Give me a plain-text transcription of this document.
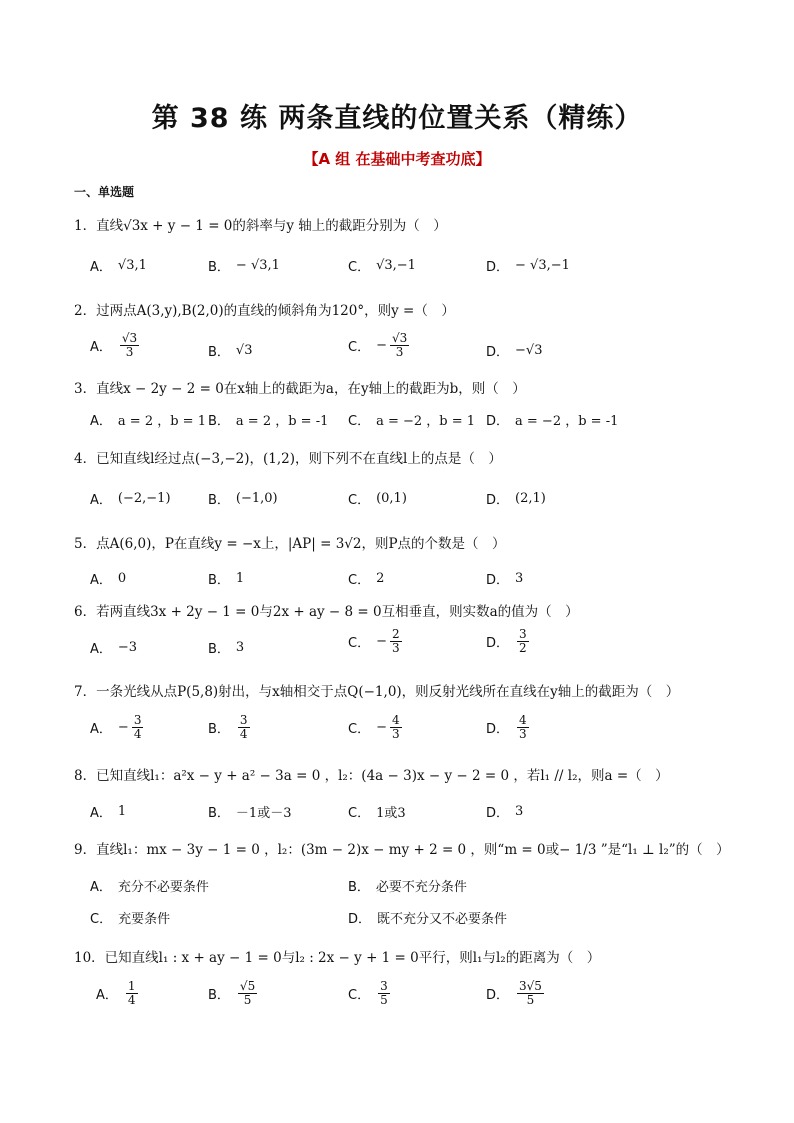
第 38 练 两条直线的位置关系（精练）
【A 组 在基础中考查功底】
一、单选题
1．直线√3x + y − 1 = 0的斜率与y 轴上的截距分别为（　）
A． √3,1	B． − √3,1	C． √3,−1	D． − √3,−1
2．过两点A(3,y),B(2,0)的直线的倾斜角为120°，则y =（　）
A． $\frac{√3}{3}$	B． √3	C． − $\frac{√3}{3}$	D． −√3
3．直线x − 2y − 2 = 0在x轴上的截距为a，在y轴上的截距为b，则（　）
A． a = 2 ，b = 1 B． a = 2 ，b = -1 C． a = −2 ，b = 1 D． a = −2 ，b = -1
4．已知直线l经过点(−3,−2)，(1,2)，则下列不在直线l上的点是（　）
A． (−2,−1)	B． (−1,0)	C． (0,1)	D． (2,1)
5．点A(6,0)，P在直线y = −x上，|AP| = 3√2，则P点的个数是（　）
A． 0	B． 1	C． 2	D． 3
6．若两直线3x + 2y − 1 = 0与2x + ay − 8 = 0互相垂直，则实数a的值为（　）
A． −3	B． 3	C． − $\frac{2}{3}$	D． $\frac{3}{2}$
7．一条光线从点P(5,8)射出，与x轴相交于点Q(−1,0)，则反射光线所在直线在y轴上的截距为（　）
A． − $\frac{3}{4}$	B． $\frac{3}{4}$	C． − $\frac{4}{3}$	D． $\frac{4}{3}$
8．已知直线l₁：a²x − y + a² − 3a = 0 ，l₂：(4a − 3)x − y − 2 = 0 ，若l₁ // l₂，则a =（　）
A． 1	B． －1或－3	C． 1或3	D． 3
9．直线l₁：mx − 3y − 1 = 0 ，l₂：(3m − 2)x − my + 2 = 0 ，则“m = 0或− 1/3 ”是“l₁ ⊥ l₂”的（　）
A． 充分不必要条件	B． 必要不充分条件
C． 充要条件	D． 既不充分又不必要条件
10．已知直线l₁ : x + ay − 1 = 0与l₂ : 2x − y + 1 = 0平行，则l₁与l₂的距离为（　）
A． $\frac{1}{4}$	B． $\frac{√5}{5}$	C． $\frac{3}{5}$	D． $\frac{3√5}{5}$
